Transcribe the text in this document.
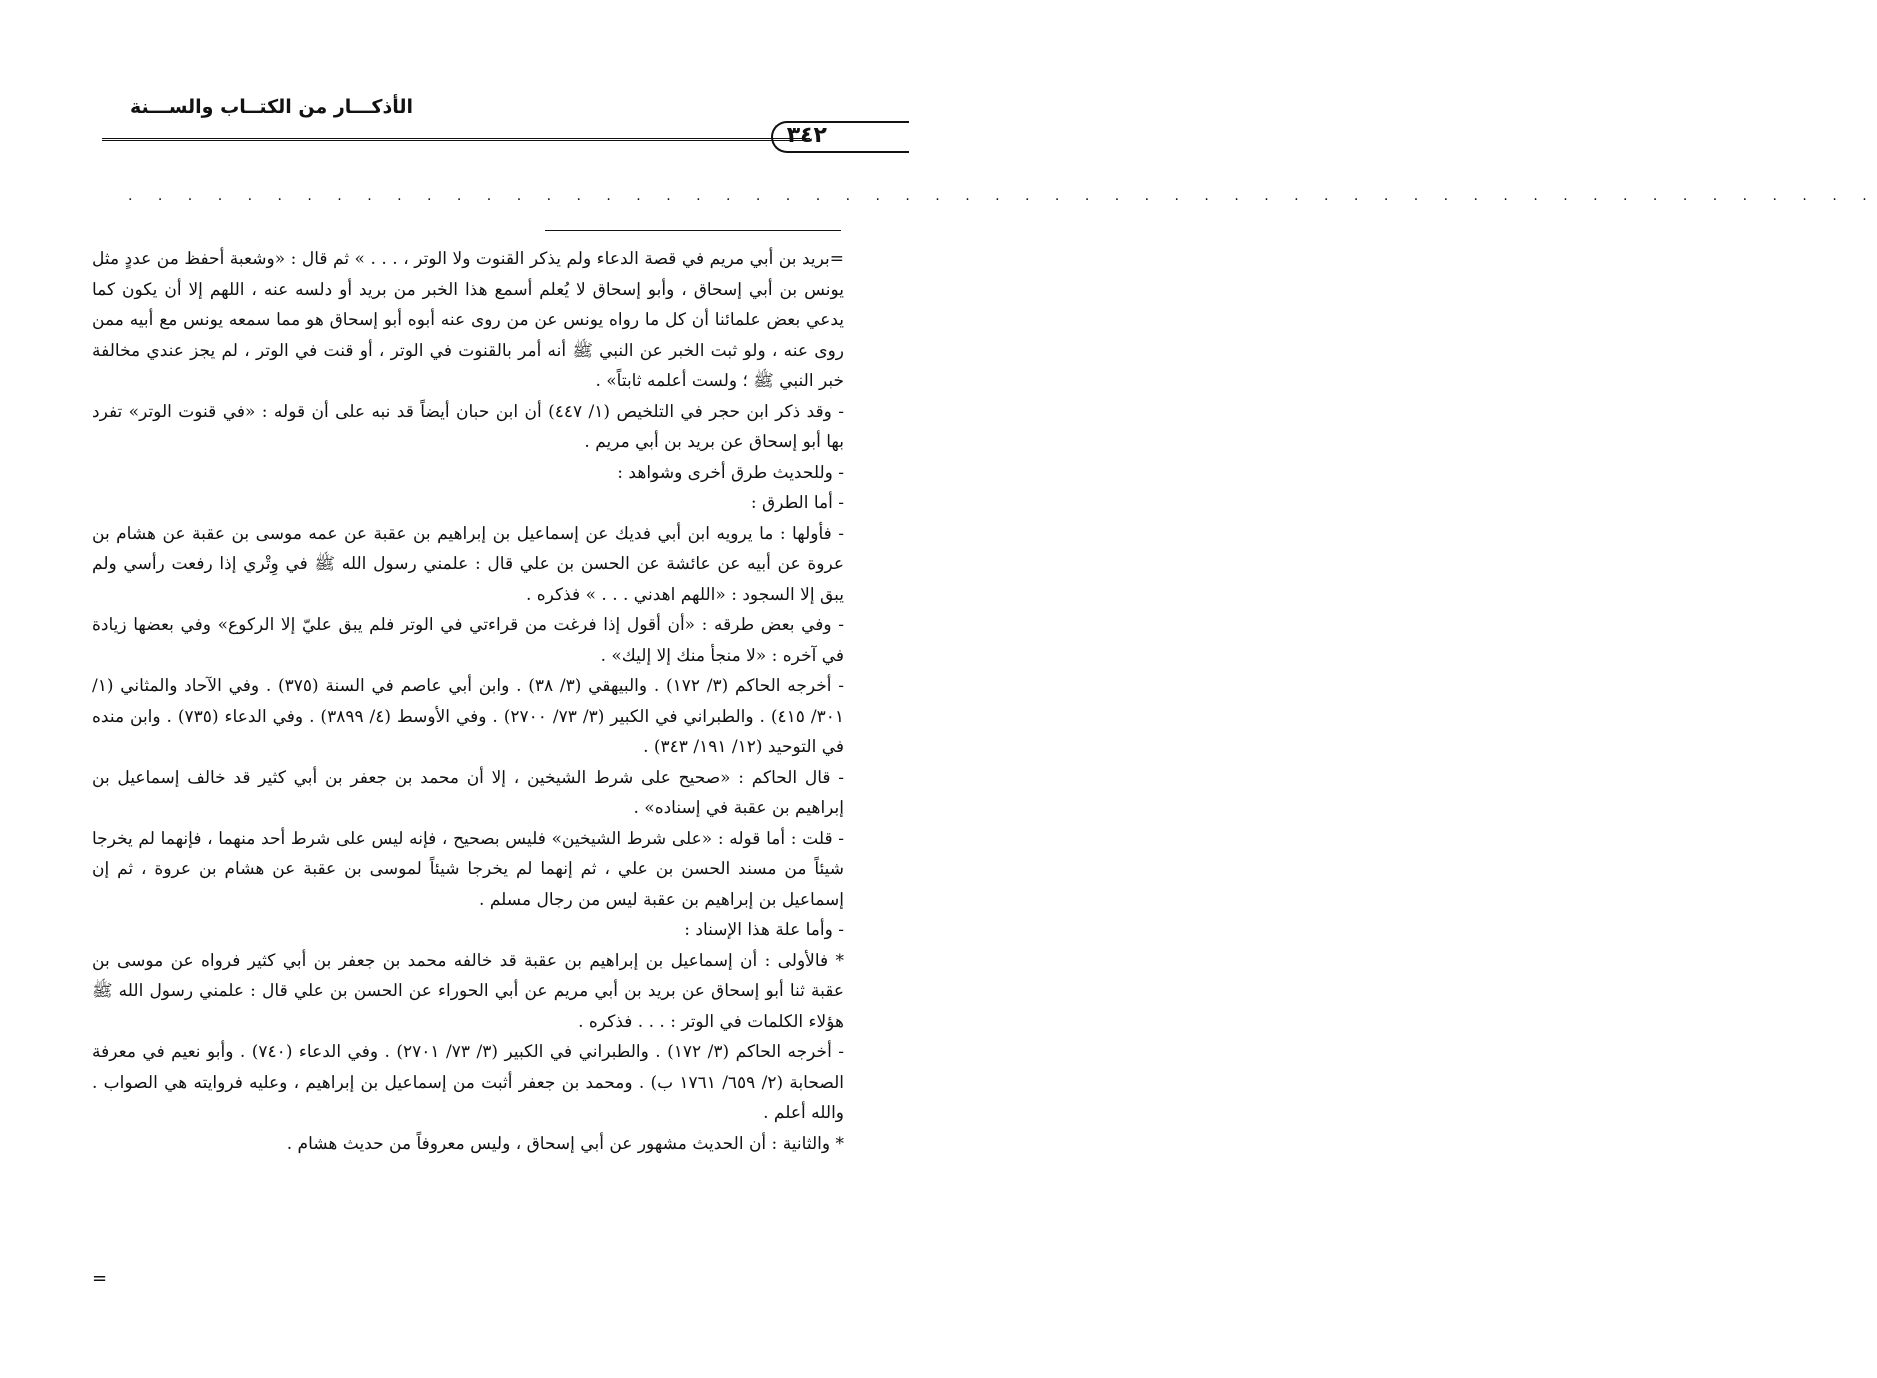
الأذكـــار من الكتــاب والســـنة
٣٤٢
. . . . . . . . . . . . . . . . . . . . . . . . . . . . . . . . . . . . . . . . . . . . . . . . . . . . . . . . . . .

=بريد بن أبي مريم في قصة الدعاء ولم يذكر القنوت ولا الوتر ، . . . » ثم قال : «وشعبة أحفظ من عددٍ مثل يونس بن أبي إسحاق ، وأبو إسحاق لا يُعلم أسمع هذا الخبر من بريد أو دلسه عنه ، اللهم إلا أن يكون كما يدعي بعض علمائنا أن كل ما رواه يونس عن من روى عنه أبوه أبو إسحاق هو مما سمعه يونس مع أبيه ممن روى عنه ، ولو ثبت الخبر عن النبي ﷺ أنه أمر بالقنوت في الوتر ، أو قنت في الوتر ، لم يجز عندي مخالفة خبر النبي ﷺ ؛ ولست أعلمه ثابتاً» .

- وقد ذكر ابن حجر في التلخيص (١/ ٤٤٧) أن ابن حبان أيضاً قد نبه على أن قوله : «في قنوت الوتر» تفرد بها أبو إسحاق عن بريد بن أبي مريم .

- وللحديث طرق أخرى وشواهد :

- أما الطرق :

- فأولها : ما يرويه ابن أبي فديك عن إسماعيل بن إبراهيم بن عقبة عن عمه موسى بن عقبة عن هشام بن عروة عن أبيه عن عائشة عن الحسن بن علي قال : علمني رسول الله ﷺ في وِتْري إذا رفعت رأسي ولم يبق إلا السجود : «اللهم اهدني . . . » فذكره .

- وفي بعض طرقه : «أن أقول إذا فرغت من قراءتي في الوتر فلم يبق عليّ إلا الركوع» وفي بعضها زيادة في آخره : «لا منجأ منك إلا إليك» .

- أخرجه الحاكم (٣/ ١٧٢) . والبيهقي (٣/ ٣٨) . وابن أبي عاصم في السنة (٣٧٥) . وفي الآحاد والمثاني (١/ ٣٠١/ ٤١٥) . والطبراني في الكبير (٣/ ٧٣/ ٢٧٠٠) . وفي الأوسط (٤/ ٣٨٩٩) . وفي الدعاء (٧٣٥) . وابن منده في التوحيد (١٢/ ١٩١/ ٣٤٣) .

- قال الحاكم : «صحيح على شرط الشيخين ، إلا أن محمد بن جعفر بن أبي كثير قد خالف إسماعيل بن إبراهيم بن عقبة في إسناده» .

- قلت : أما قوله : «على شرط الشيخين» فليس بصحيح ، فإنه ليس على شرط أحد منهما ، فإنهما لم يخرجا شيئاً من مسند الحسن بن علي ، ثم إنهما لم يخرجا شيئاً لموسى بن عقبة عن هشام بن عروة ، ثم إن إسماعيل بن إبراهيم بن عقبة ليس من رجال مسلم .

- وأما علة هذا الإسناد :

* فالأولى : أن إسماعيل بن إبراهيم بن عقبة قد خالفه محمد بن جعفر بن أبي كثير فرواه عن موسى بن عقبة ثنا أبو إسحاق عن بريد بن أبي مريم عن أبي الحوراء عن الحسن بن علي قال : علمني رسول الله ﷺ هؤلاء الكلمات في الوتر : . . . فذكره .

- أخرجه الحاكم (٣/ ١٧٢) . والطبراني في الكبير (٣/ ٧٣/ ٢٧٠١) . وفي الدعاء (٧٤٠) . وأبو نعيم في معرفة الصحابة (٢/ ٦٥٩/ ١٧٦١ ب) . ومحمد بن جعفر أثبت من إسماعيل بن إبراهيم ، وعليه فروايته هي الصواب . والله أعلم .

* والثانية : أن الحديث مشهور عن أبي إسحاق ، وليس معروفاً من حديث هشام .

=
